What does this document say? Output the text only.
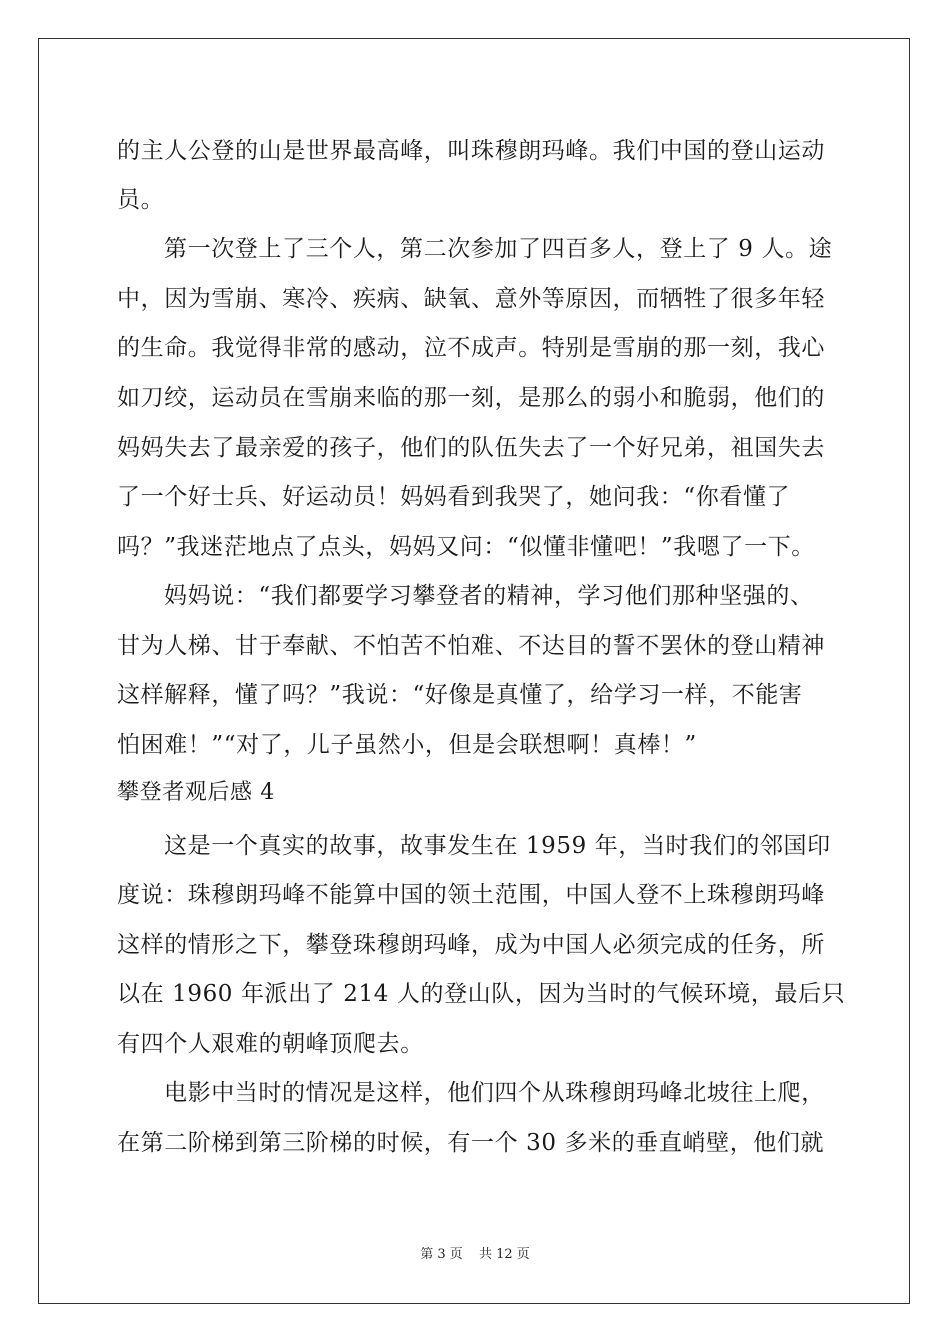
的主人公登的山是世界最高峰，叫珠穆朗玛峰。我们中国的登山运动
员。
第一次登上了三个人，第二次参加了四百多人，登上了 9 人。途
中，因为雪崩、寒冷、疾病、缺氧、意外等原因，而牺牲了很多年轻
的生命。我觉得非常的感动，泣不成声。特别是雪崩的那一刻，我心
如刀绞，运动员在雪崩来临的那一刻，是那么的弱小和脆弱，他们的
妈妈失去了最亲爱的孩子，他们的队伍失去了一个好兄弟，祖国失去
了一个好士兵、好运动员！妈妈看到我哭了，她问我：“你看懂了
吗？”我迷茫地点了点头，妈妈又问：“似懂非懂吧！”我嗯了一下。
妈妈说：“我们都要学习攀登者的精神，学习他们那种坚强的、
甘为人梯、甘于奉献、不怕苦不怕难、不达目的誓不罢休的登山精神
这样解释，懂了吗？”我说：“好像是真懂了，给学习一样，不能害
怕困难！”“对了，儿子虽然小，但是会联想啊！真棒！”
攀登者观后感 4
这是一个真实的故事，故事发生在 1959 年，当时我们的邻国印
度说：珠穆朗玛峰不能算中国的领土范围，中国人登不上珠穆朗玛峰
这样的情形之下，攀登珠穆朗玛峰，成为中国人必须完成的任务，所
以在 1960 年派出了 214 人的登山队，因为当时的气候环境，最后只
有四个人艰难的朝峰顶爬去。
电影中当时的情况是这样，他们四个从珠穆朗玛峰北坡往上爬，
在第二阶梯到第三阶梯的时候，有一个 30 多米的垂直峭壁，他们就
第 3 页 共 12 页
